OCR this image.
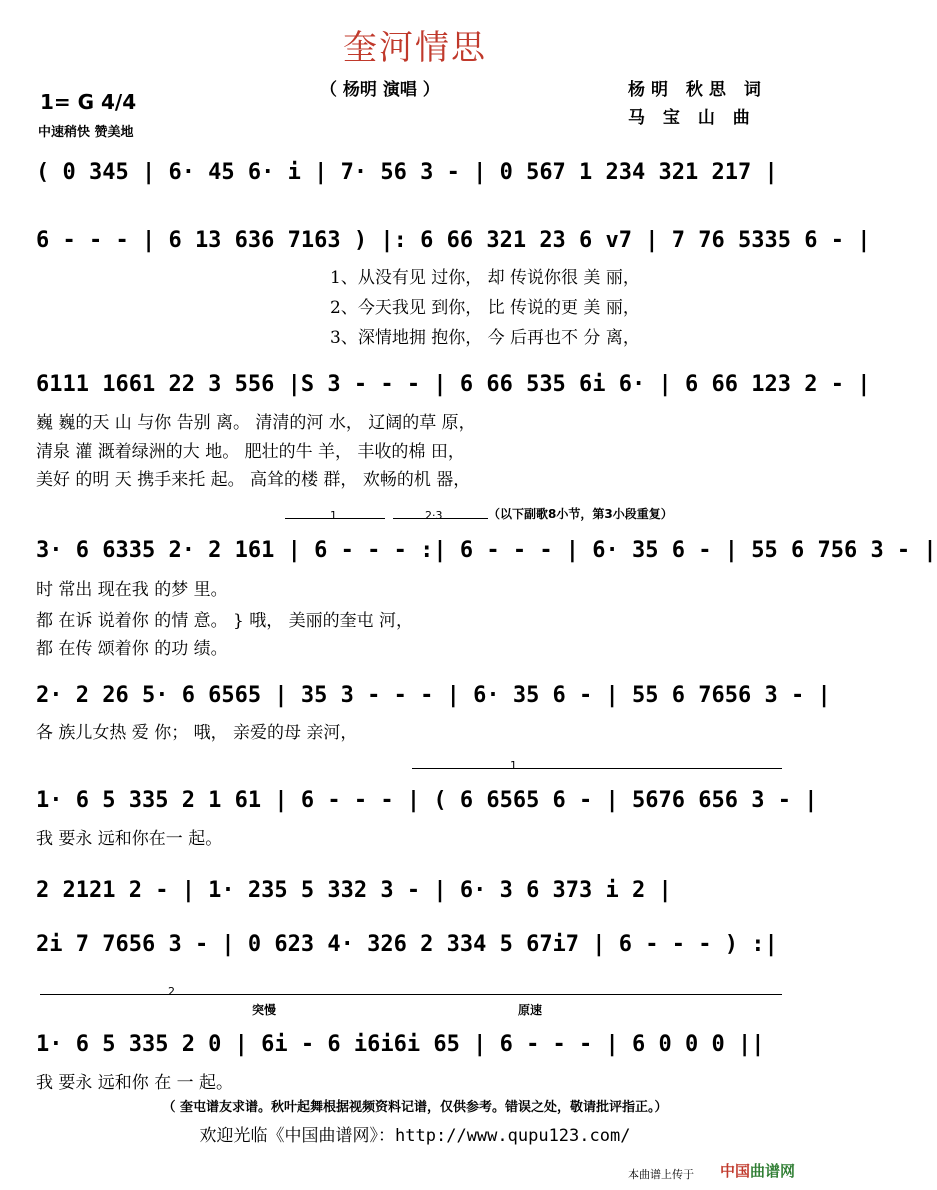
奎河情思
（ 杨明 演唱 ）	杨明 秋思 词
马 宝 山 曲
1= G 4/4
中速稍快 赞美地
( 0 345 | 6· 45 6· i | 7· 56 3 - | 0 567 1 234 321 217 |
6 - - - | 6 13 636 7163 ) |: 6 66 321 23 6 v7 | 7 76 5335 6 - |
1、从没有见 过你， 却 传说你很 美 丽，
2、今天我见 到你， 比 传说的更 美 丽，
3、深情地拥 抱你， 今 后再也不 分 离，
6111 1661 22 3 556 |S 3 - - - | 6 66 535 6i 6· | 6 66 123 2 - |
巍 巍的天 山 与你 告别 离。 清清的河 水， 辽阔的草 原，
清泉 灌 溉着绿洲的大 地。 肥壮的牛 羊， 丰收的棉 田，
美好 的明 天 携手来托 起。 高耸的楼 群， 欢畅的机 器，
（以下副歌8小节，第3小段重复）
1	2·3
3· 6 6335 2· 2 161 | 6 - - - :| 6 - - - | 6· 35 6 - | 55 6 756 3 - |
时 常出 现在我 的梦 里。
都 在诉 说着你 的情 意。 } 哦， 美丽的奎屯 河，
都 在传 颂着你 的功 绩。
2· 2 26 5· 6 6565 | 35 3 - - - | 6· 35 6 - | 55 6 7656 3 - |
各 族儿女热 爱 你； 哦， 亲爱的母 亲河，
1
1· 6 5 335 2 1 61 | 6 - - - | ( 6 6565 6 - | 5676 656 3 - |
我 要永 远和你在一 起。
2 2121 2 - | 1· 235 5 332 3 - | 6· 3 6 373 i 2 |
2i 7 7656 3 - | 0 623 4· 326 2 334 5 67i7 | 6 - - - ) :|
2
突慢	原速
1· 6 5 335 2 0 | 6i - 6 i6i6i 65 | 6 - - - | 6 0 0 0 ||
我 要永 远和你 在 一 起。
（ 奎屯谱友求谱。秋叶起舞根据视频资料记谱，仅供参考。错误之处，敬请批评指正。）
欢迎光临《中国曲谱网》：http://www.qupu123.com/
本曲谱上传于 中国曲谱网
